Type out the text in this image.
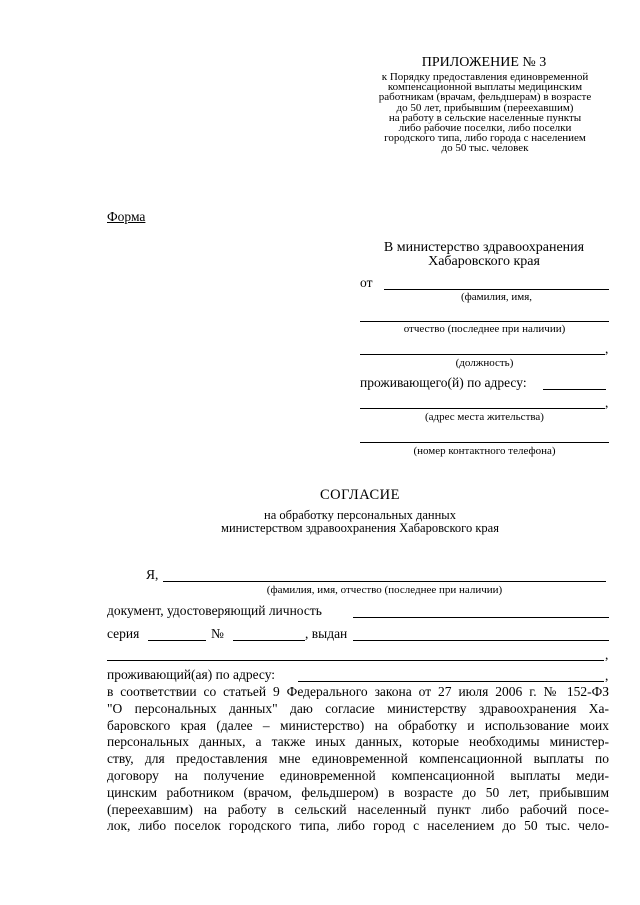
ПРИЛОЖЕНИЕ № 3
к Порядку предоставления единовременной
компенсационной выплаты медицинским
работникам (врачам, фельдшерам) в возрасте
до 50 лет, прибывшим (переехавшим)
на работу в сельские населенные пункты
либо рабочие поселки, либо поселки
городского типа, либо города с населением
до 50 тыс. человек
Форма
В министерство здравоохранения
Хабаровского края
от
(фамилия, имя,
отчество (последнее при наличии)
,
(должность)
проживающего(й) по адресу:
,
(адрес места жительства)
(номер контактного телефона)
СОГЛАСИЕ
на обработку персональных данных
министерством здравоохранения Хабаровского края
Я,
(фамилия, имя, отчество (последнее при наличии)
документ, удостоверяющий личность
серия	№	, выдан
,
проживающий(ая) по адресу:	,
в соответствии со статьей 9 Федерального закона от 27 июля 2006 г. № 152-ФЗ
"О персональных данных" даю согласие министерству здравоохранения Ха-
баровского края (далее – министерство) на обработку и использование моих
персональных данных, а также иных данных, которые необходимы министер-
ству, для предоставления мне единовременной компенсационной выплаты по
договору на получение единовременной компенсационной выплаты меди-
цинским работником (врачом, фельдшером) в возрасте до 50 лет, прибывшим
(переехавшим) на работу в сельский населенный пункт либо рабочий посе-
лок, либо поселок городского типа, либо город с населением до 50 тыс. чело-
